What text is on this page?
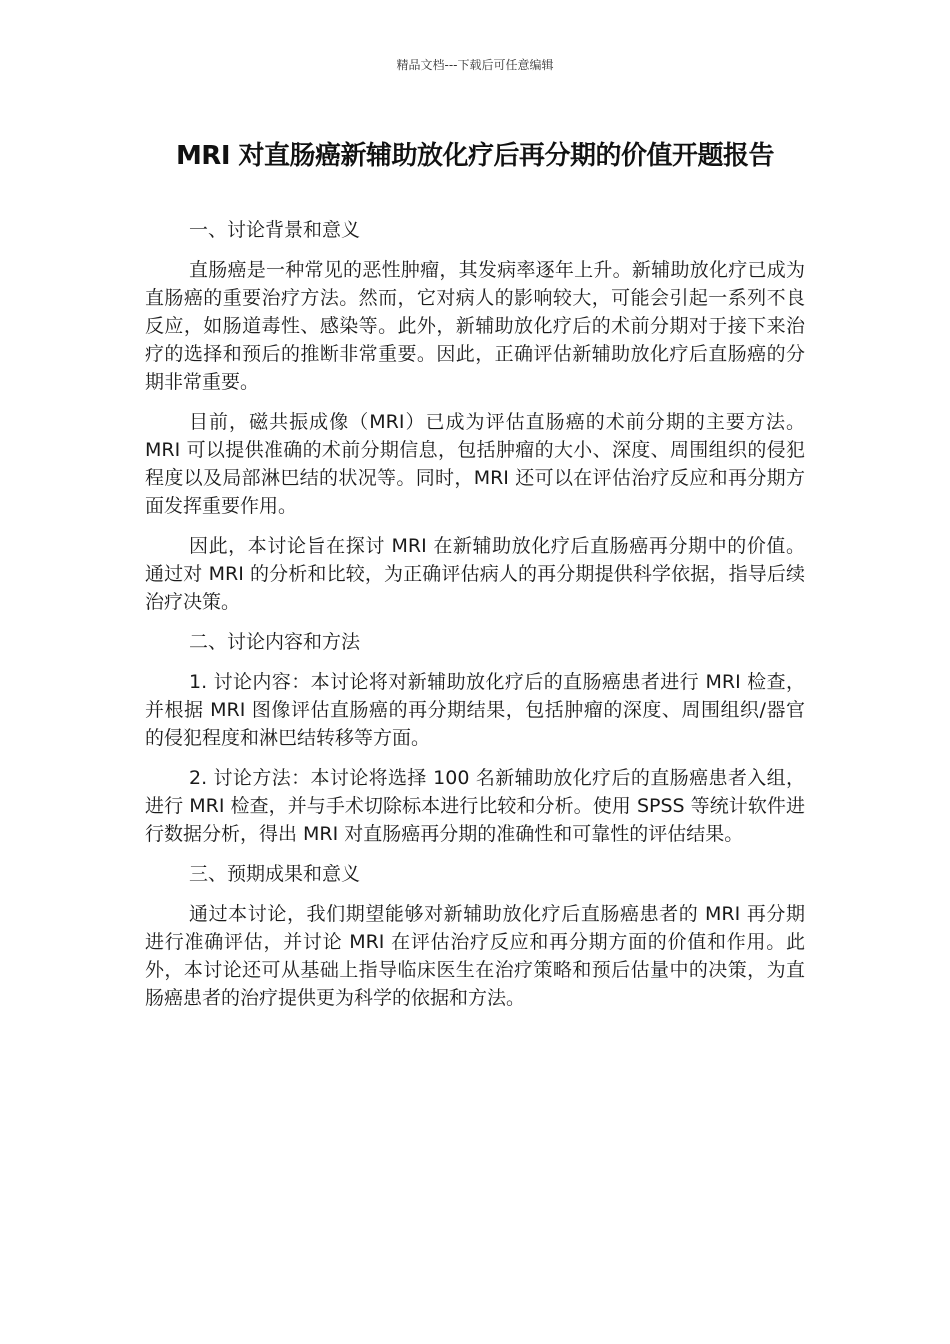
精品文档---下载后可任意编辑
MRI 对直肠癌新辅助放化疗后再分期的价值开题报告

一、讨论背景和意义

直肠癌是一种常见的恶性肿瘤，其发病率逐年上升。新辅助放化疗已成为直肠癌的重要治疗方法。然而，它对病人的影响较大，可能会引起一系列不良反应，如肠道毒性、感染等。此外，新辅助放化疗后的术前分期对于接下来治疗的选择和预后的推断非常重要。因此，正确评估新辅助放化疗后直肠癌的分期非常重要。

目前，磁共振成像（MRI）已成为评估直肠癌的术前分期的主要方法。MRI 可以提供准确的术前分期信息，包括肿瘤的大小、深度、周围组织的侵犯程度以及局部淋巴结的状况等。同时，MRI 还可以在评估治疗反应和再分期方面发挥重要作用。

因此，本讨论旨在探讨 MRI 在新辅助放化疗后直肠癌再分期中的价值。通过对 MRI 的分析和比较，为正确评估病人的再分期提供科学依据，指导后续治疗决策。

二、讨论内容和方法

1. 讨论内容：本讨论将对新辅助放化疗后的直肠癌患者进行 MRI 检查，并根据 MRI 图像评估直肠癌的再分期结果，包括肿瘤的深度、周围组织/器官的侵犯程度和淋巴结转移等方面。

2. 讨论方法：本讨论将选择 100 名新辅助放化疗后的直肠癌患者入组，进行 MRI 检查，并与手术切除标本进行比较和分析。使用 SPSS 等统计软件进行数据分析，得出 MRI 对直肠癌再分期的准确性和可靠性的评估结果。

三、预期成果和意义

通过本讨论，我们期望能够对新辅助放化疗后直肠癌患者的 MRI 再分期进行准确评估，并讨论 MRI 在评估治疗反应和再分期方面的价值和作用。此外，本讨论还可从基础上指导临床医生在治疗策略和预后估量中的决策，为直肠癌患者的治疗提供更为科学的依据和方法。
